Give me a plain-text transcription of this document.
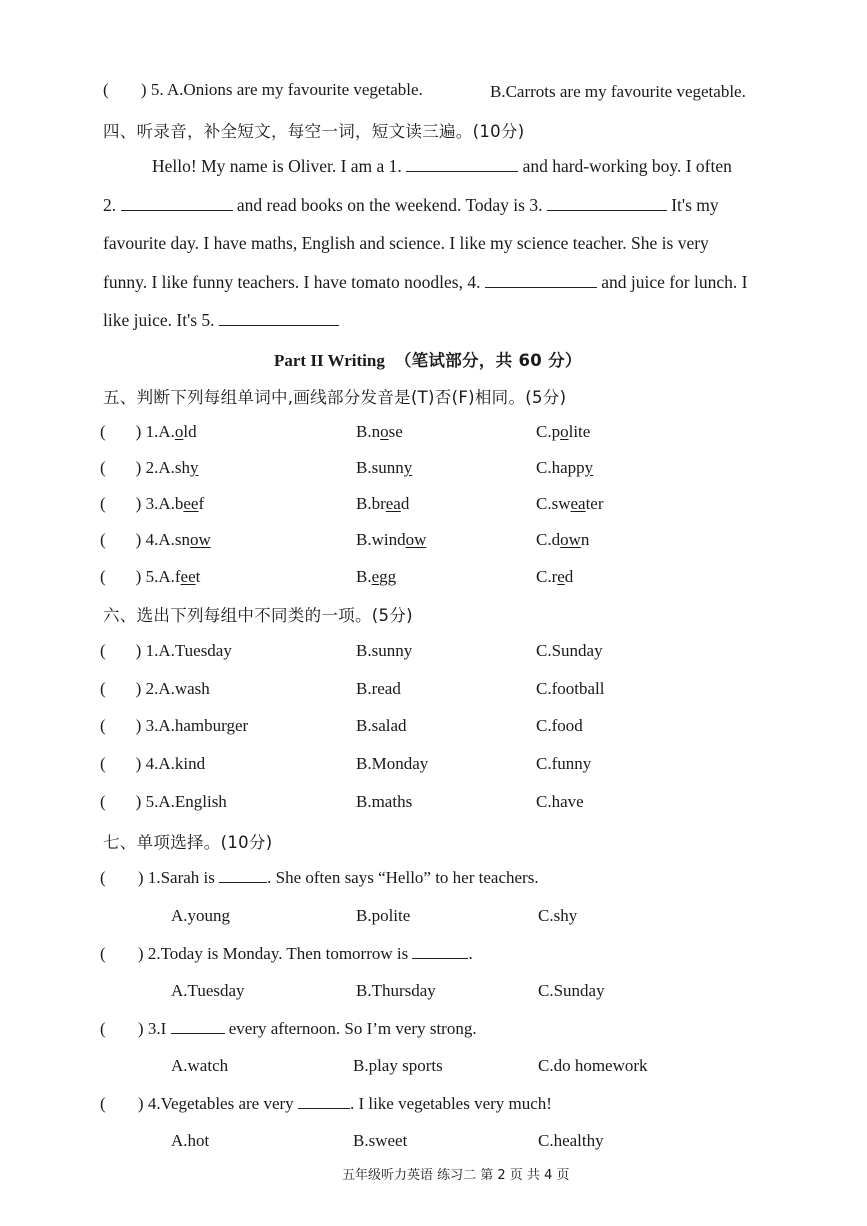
( ) 5. A.Onions are my favourite vegetable.	B.Carrots are my favourite vegetable.
四、听录音，补全短文，每空一词，短文读三遍。(10分)
Hello! My name is Oliver. I am a 1.	and hard-working boy. I often
2.	and read books on the weekend. Today is 3.	It's my
favourite day. I have maths, English and science. I like my science teacher. She is very
funny. I like funny teachers. I have tomato noodles, 4.	and juice for lunch. I
like juice. It's 5.
Part II Writing （笔试部分，共 60 分）
五、判断下列每组单词中,画线部分发音是(T)否(F)相同。(5分)
( ) 1.A.old	B.nose	C.polite
( ) 2.A.shy	B.sunny	C.happy
( ) 3.A.beef	B.bread	C.sweater
( ) 4.A.snow	B.window	C.down
( ) 5.A.feet	B.egg	C.red
六、选出下列每组中不同类的一项。(5分)
( ) 1.A.Tuesday	B.sunny	C.Sunday
( ) 2.A.wash	B.read	C.football
( ) 3.A.hamburger	B.salad	C.food
( ) 4.A.kind	B.Monday	C.funny
( ) 5.A.English	B.maths	C.have
七、单项选择。(10分)
( ) 1.Sarah is	. She often says “Hello” to her teachers.
A.young	B.polite	C.shy
( ) 2.Today is Monday. Then tomorrow is	.
A.Tuesday	B.Thursday	C.Sunday
( ) 3.I	every afternoon. So I’m very strong.
A.watch	B.play sports	C.do homework
( ) 4.Vegetables are very	. I like vegetables very much!
A.hot	B.sweet	C.healthy
五年级听力英语 练习二 第 2 页 共 4 页
